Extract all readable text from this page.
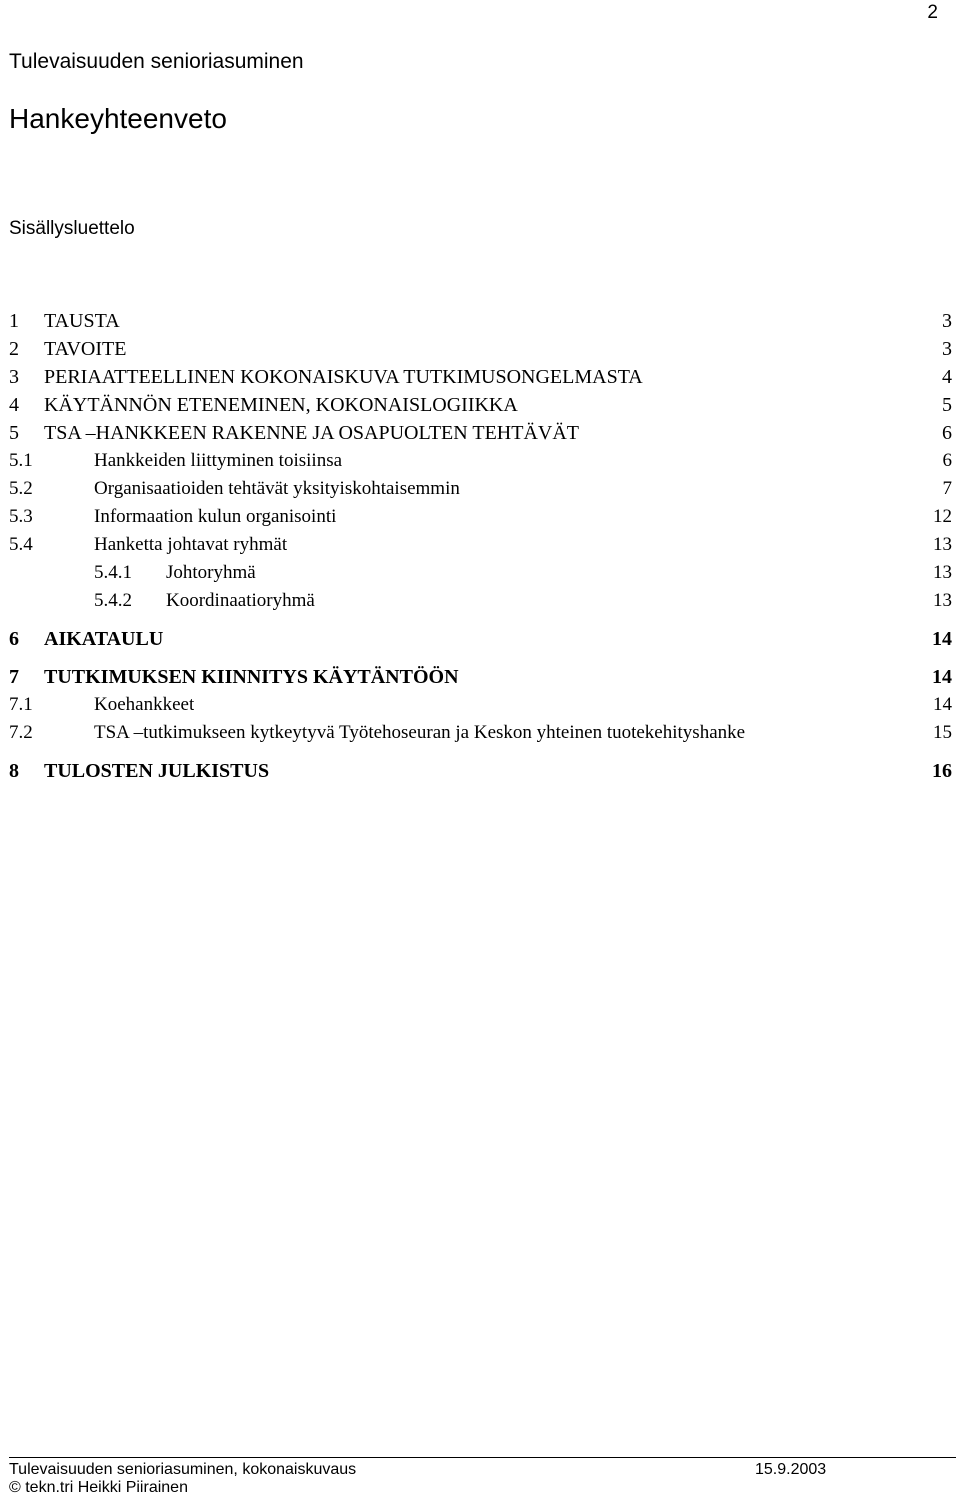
2
Tulevaisuuden senioriasuminen
Hankeyhteenveto
Sisällysluettelo
1	TAUSTA	3
2	TAVOITE	3
3	PERIAATTEELLINEN KOKONAISKUVA TUTKIMUSONGELMASTA	4
4	KÄYTÄNNÖN ETENEMINEN, KOKONAISLOGIIKKA	5
5	TSA –HANKKEEN RAKENNE JA OSAPUOLTEN TEHTÄVÄT	6
5.1	Hankkeiden liittyminen toisiinsa	6
5.2	Organisaatioiden tehtävät yksityiskohtaisemmin	7
5.3	Informaation kulun organisointi	12
5.4	Hanketta johtavat ryhmät	13
5.4.1	Johtoryhmä	13
5.4.2	Koordinaatioryhmä	13
6	AIKATAULU	14
7	TUTKIMUKSEN KIINNITYS KÄYTÄNTÖÖN	14
7.1	Koehankkeet	14
7.2	TSA –tutkimukseen kytkeytyvä Työtehoseuran ja Keskon yhteinen tuotekehityshanke	15
8	TULOSTEN JULKISTUS	16
Tulevaisuuden senioriasuminen, kokonaiskuvaus	15.9.2003
© tekn.tri Heikki Piirainen
